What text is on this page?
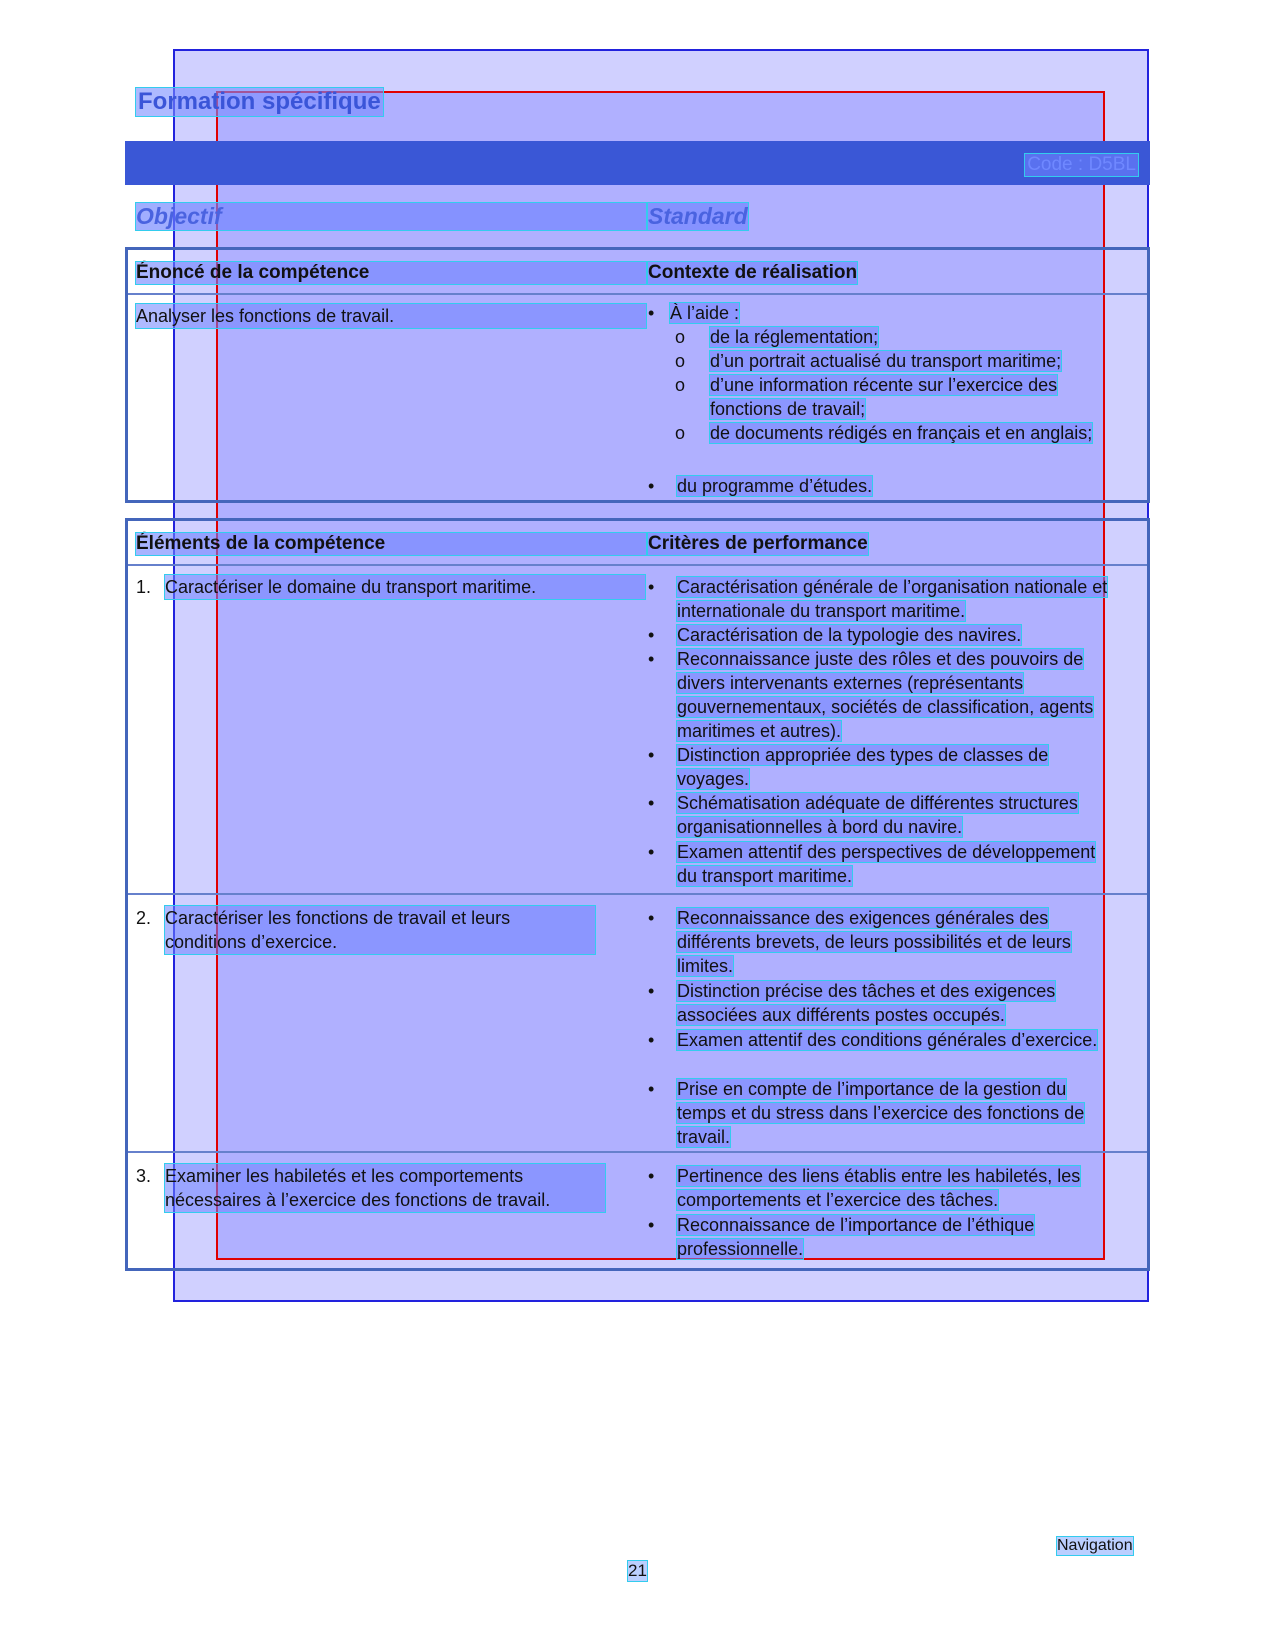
Formation spécifique
Code : D5BL
Objectif	Standard
Énoncé de la compétence	Contexte de réalisation
Analyser les fonctions de travail.	• À l’aide :
o de la réglementation;
o d’un portrait actualisé du transport maritime;
o d’une information récente sur l’exercice des fonctions de travail;
o de documents rédigés en français et en anglais;
•	du programme d’études.
Éléments de la compétence	Critères de performance
1. Caractériser le domaine du transport maritime.	•	Caractérisation générale de l’organisation nationale et internationale du transport maritime.
•	Caractérisation de la typologie des navires.
•	Reconnaissance juste des rôles et des pouvoirs de divers intervenants externes (représentants gouvernementaux, sociétés de classification, agents maritimes et autres).
•	Distinction appropriée des types de classes de voyages.
•	Schématisation adéquate de différentes structures organisationnelles à bord du navire.
•	Examen attentif des perspectives de développement du transport maritime.
2. Caractériser les fonctions de travail et leurs conditions d’exercice.
•	Reconnaissance des exigences générales des différents brevets, de leurs possibilités et de leurs limites.
•	Distinction précise des tâches et des exigences associées aux différents postes occupés.
•	Examen attentif des conditions générales d’exercice.
•	Prise en compte de l’importance de la gestion du temps et du stress dans l’exercice des fonctions de travail.
3. Examiner les habiletés et les comportements nécessaires à l’exercice des fonctions de travail.
•	Pertinence des liens établis entre les habiletés, les comportements et l’exercice des tâches.
•	Reconnaissance de l’importance de l’éthique professionnelle.
Navigation
21
